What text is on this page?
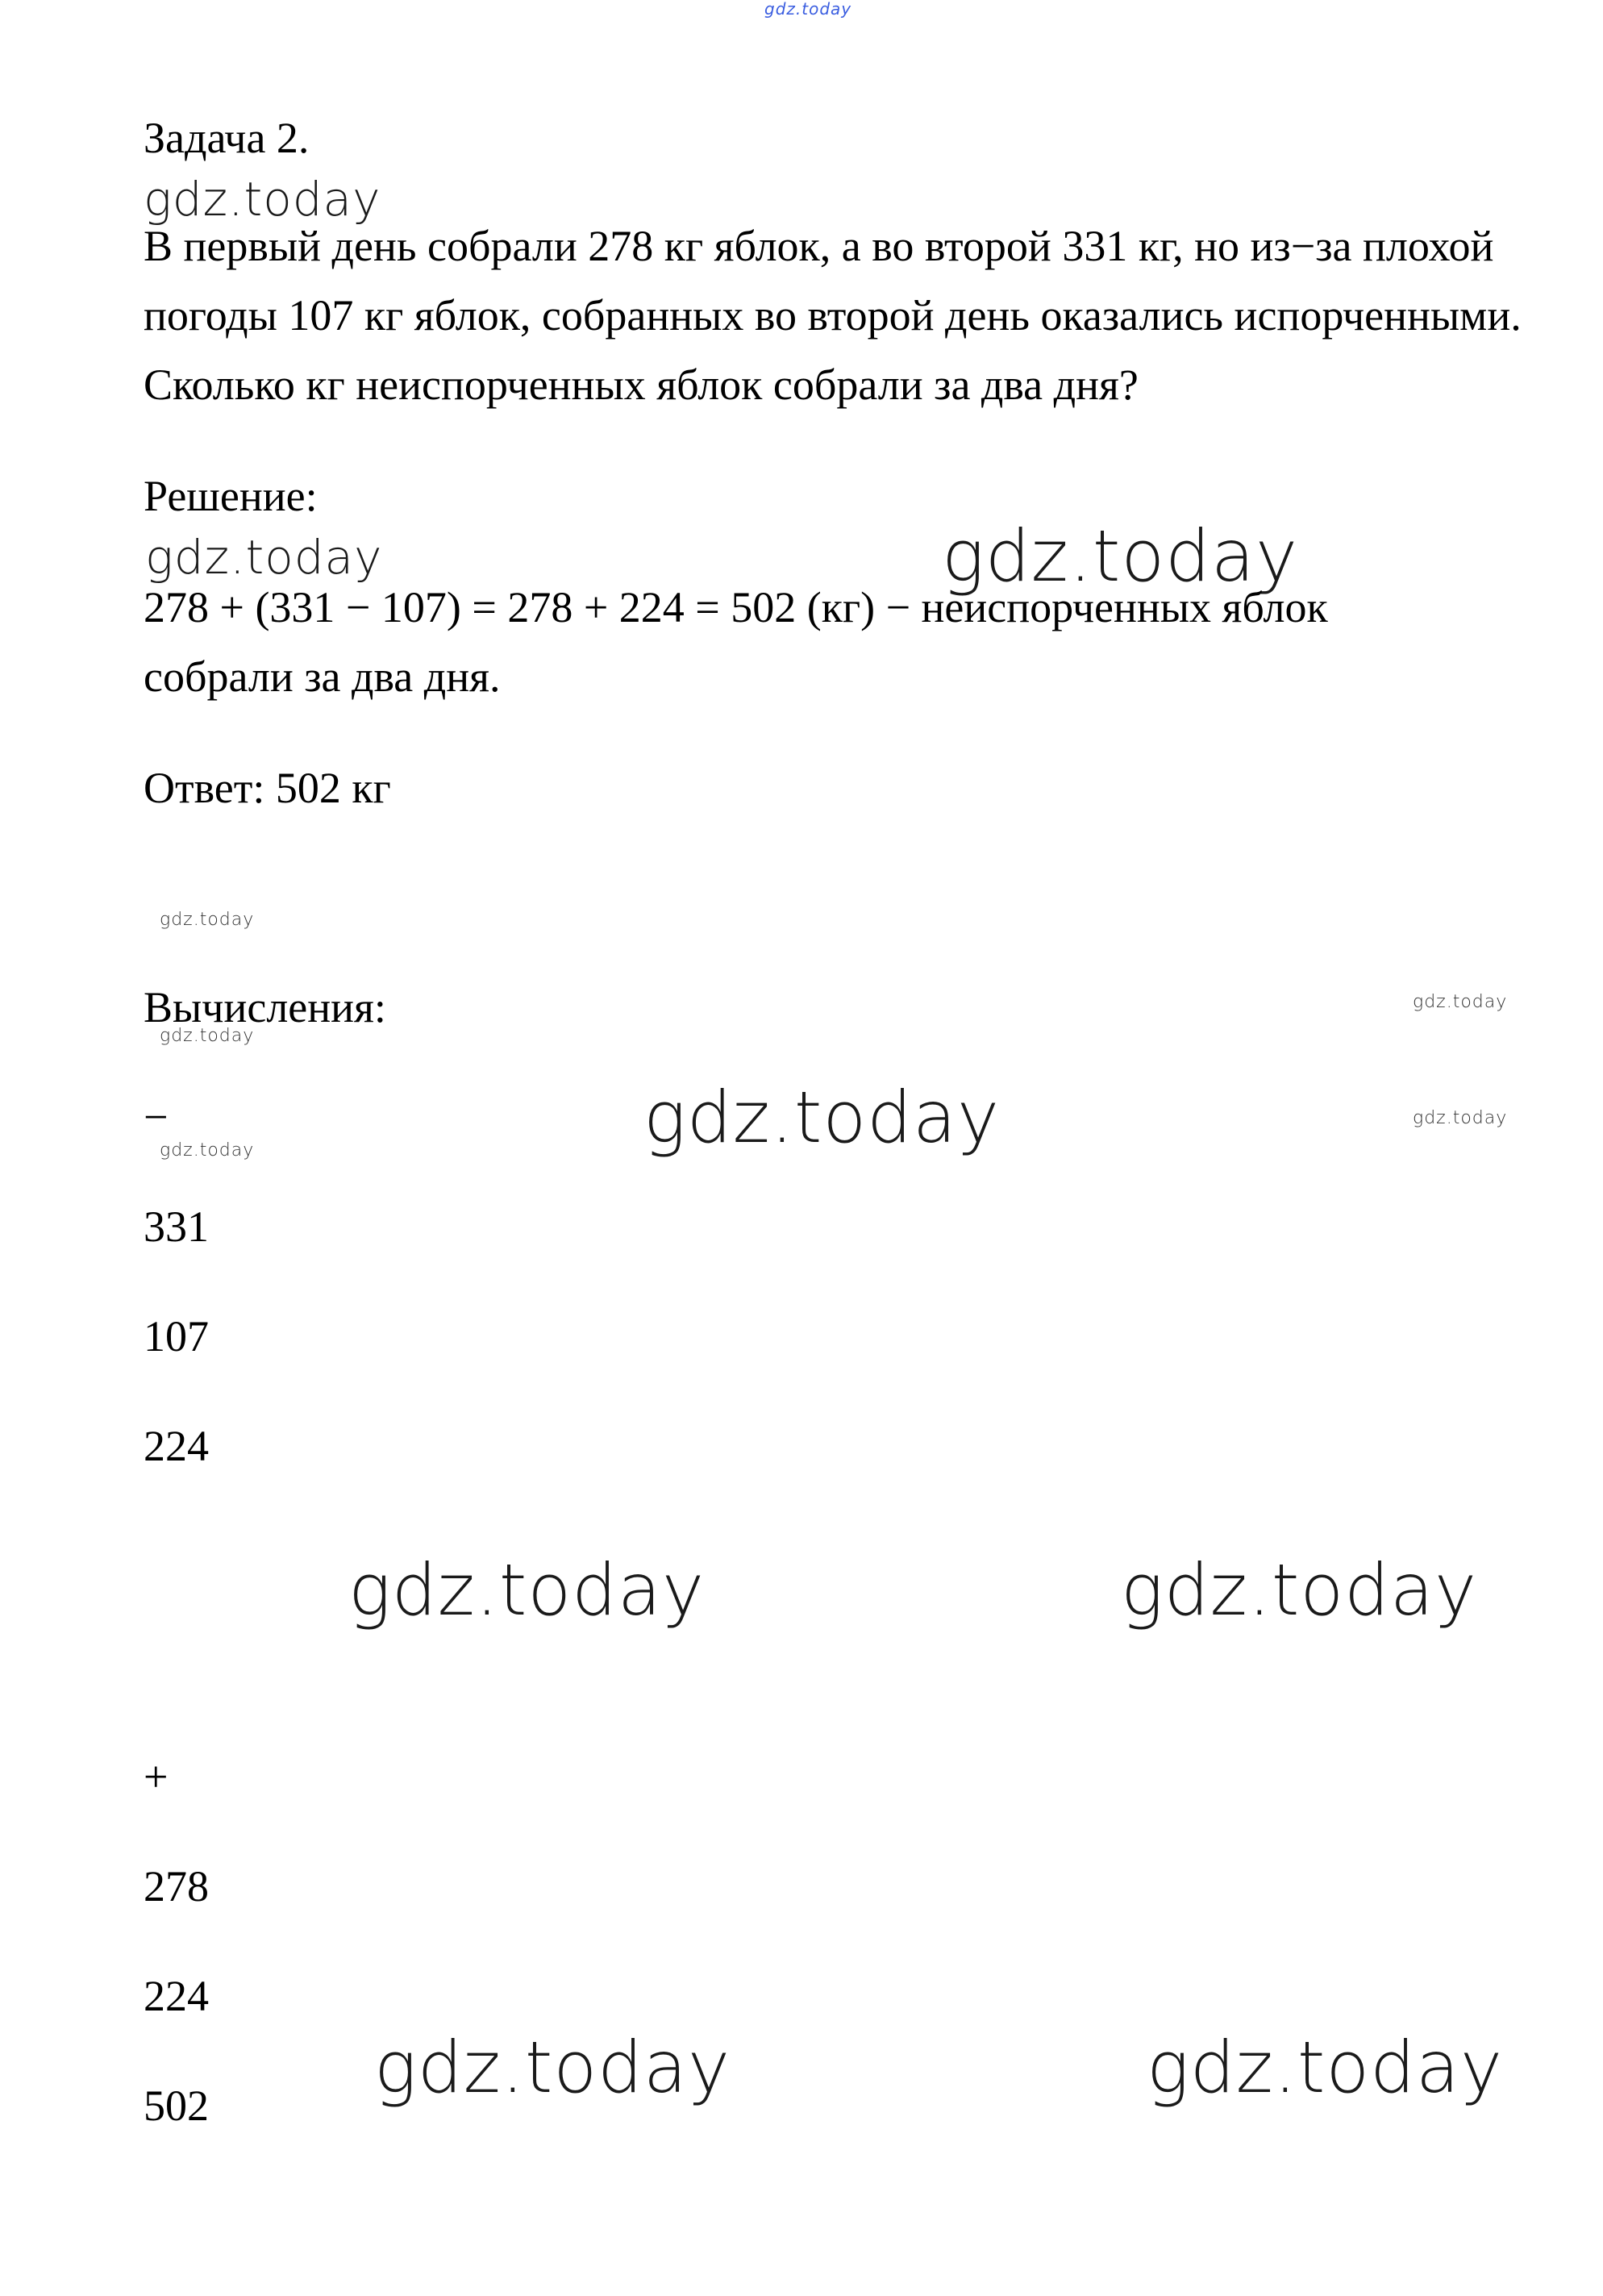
gdz.today
gdz.today
gdz.today	gdz.today
gdz.today
gdz.today
gdz.today
gdz.today	gdz.today
gdz.today
gdz.today	gdz.today
gdz.today	gdz.today
Задача 2.
В первый день собрали 278 кг яблок, а во второй 331 кг, но из−за плохой погоды 107 кг яблок, собранных во второй день оказались испорченными. Сколько кг неиспорченных яблок собрали за два дня?
Решение:
278 + (331 − 107) = 278 + 224 = 502 (кг) − неиспорченных яблок собрали за два дня.
Ответ: 502 кг
Вычисления:
−
331
107
224
+
278
224
502
